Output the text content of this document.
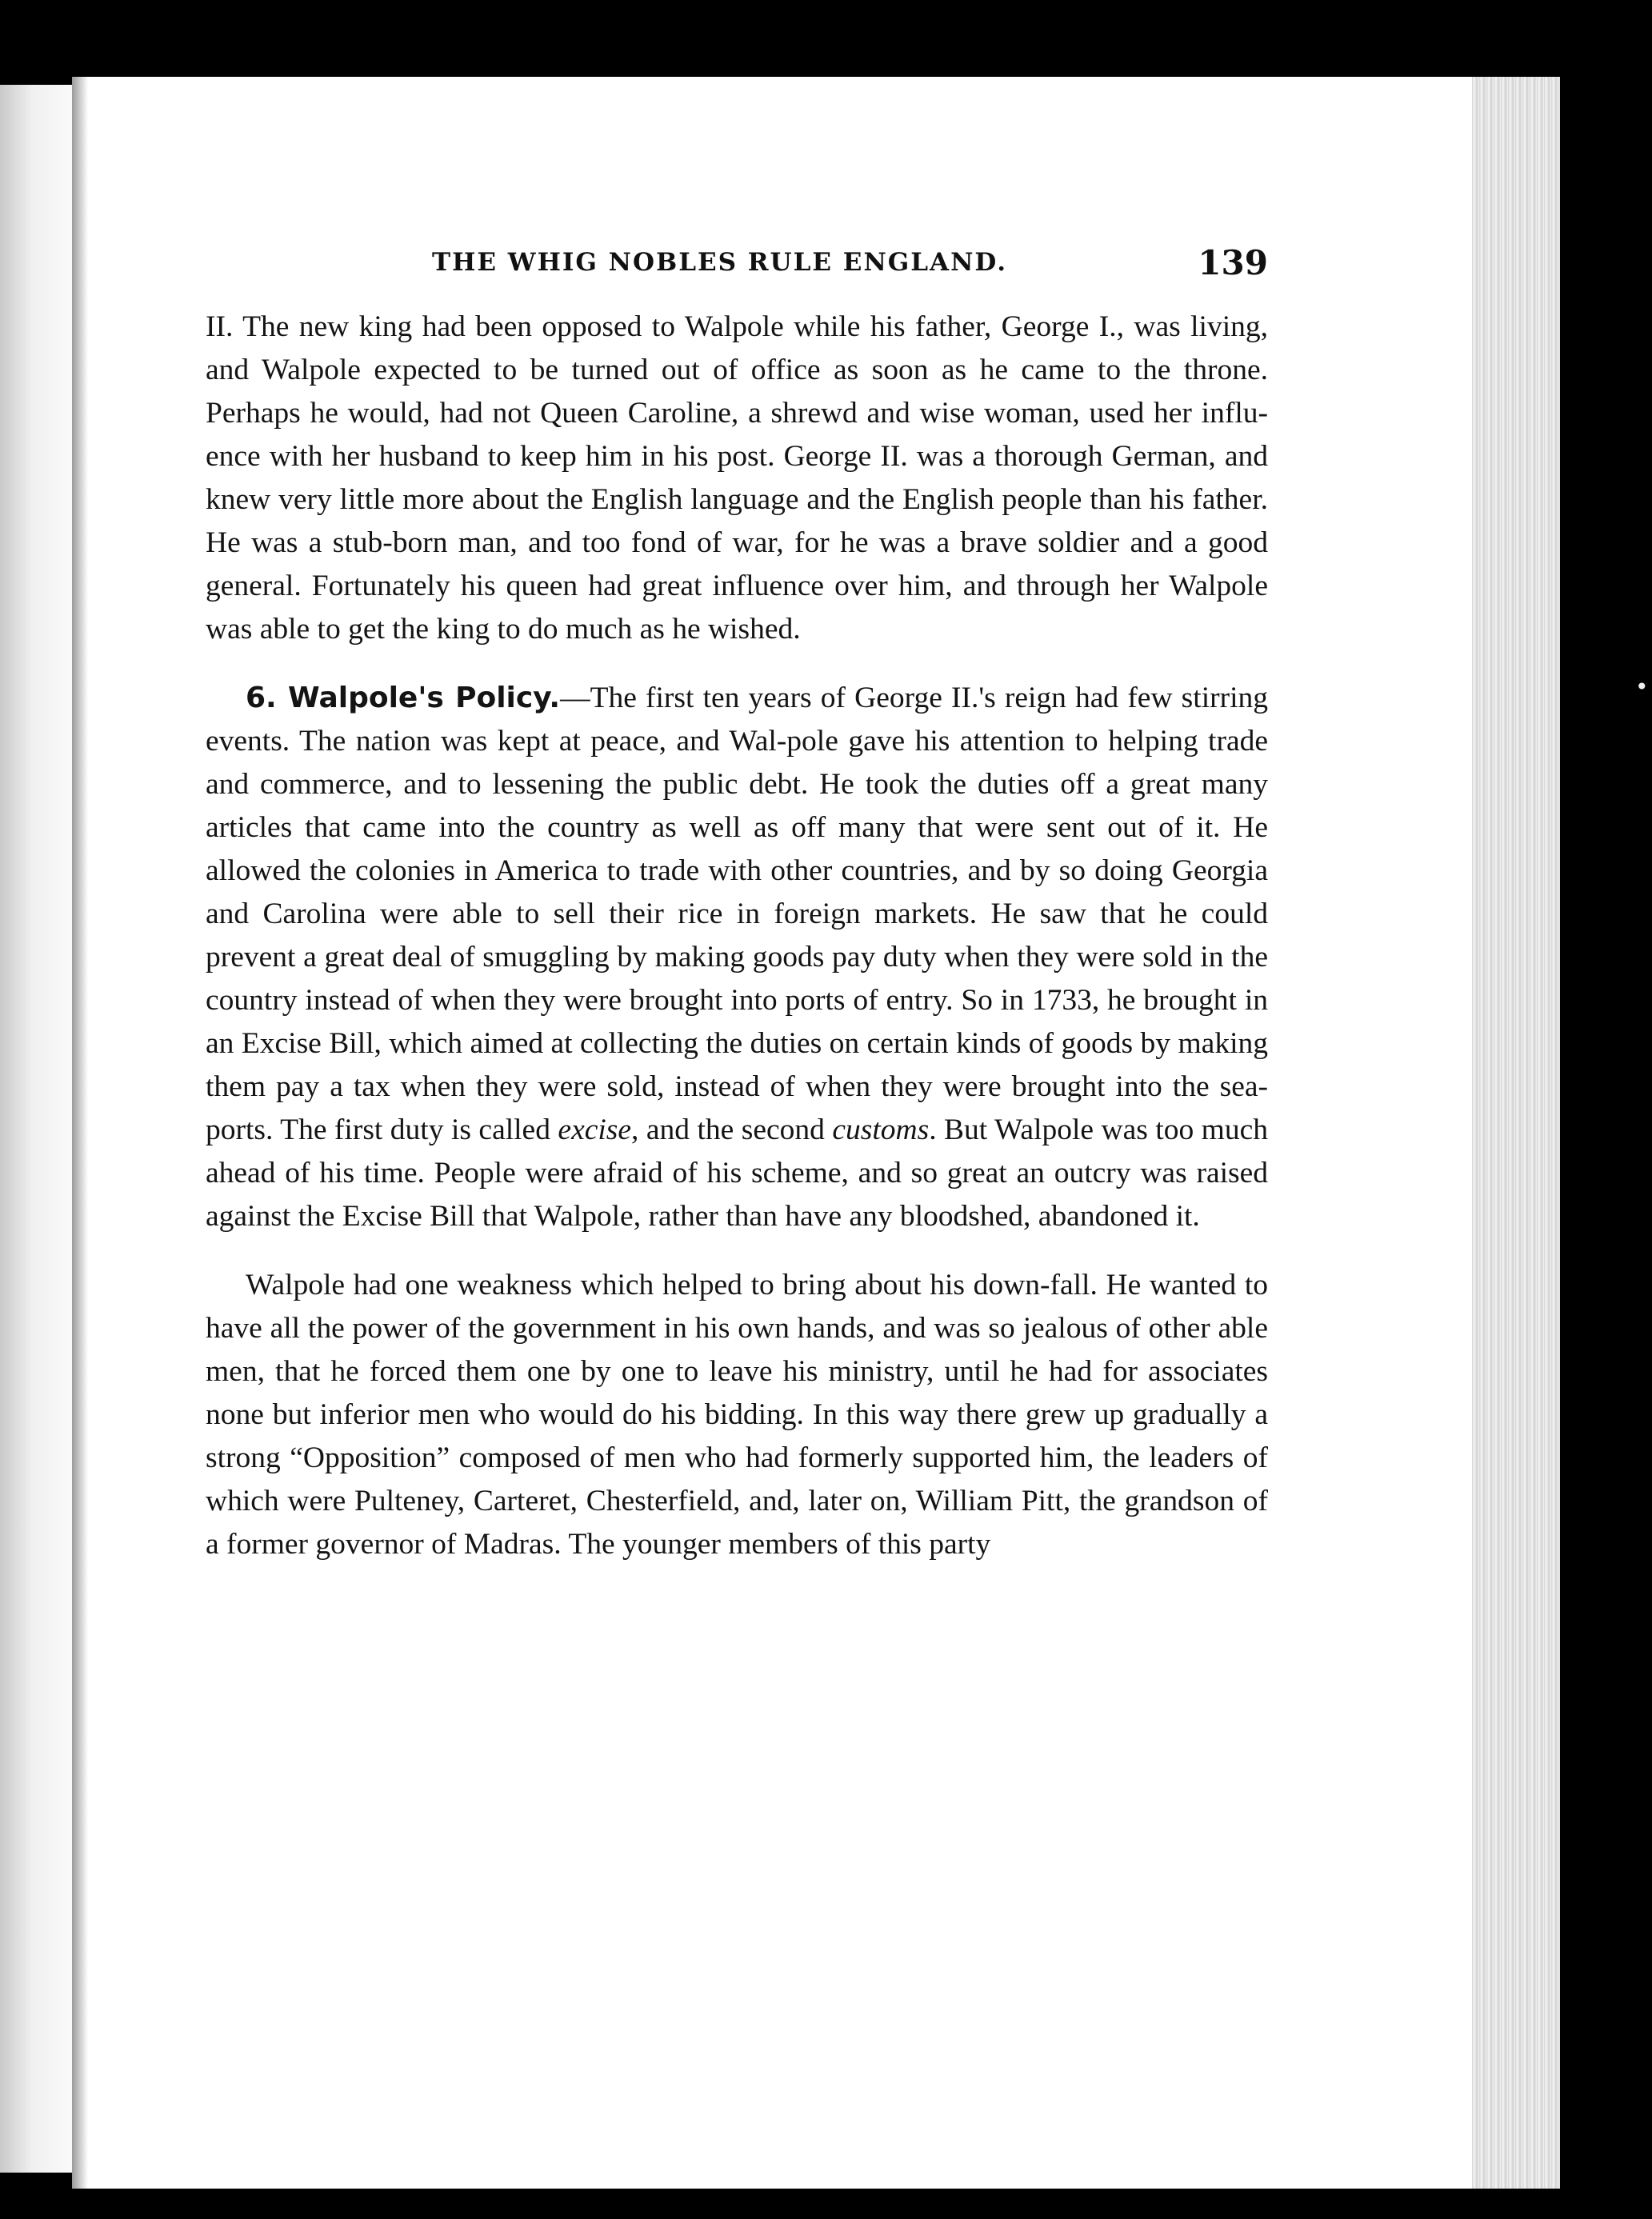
•
THE WHIG NOBLES RULE ENGLAND.	139

II. The new king had been opposed to Walpole while his father, George I., was living, and Walpole expected to be turned out of office as soon as he came to the throne. Perhaps he would, had not Queen Caroline, a shrewd and wise woman, used her influ-ence with her husband to keep him in his post. George II. was a thorough German, and knew very little more about the English language and the English people than his father. He was a stub-born man, and too fond of war, for he was a brave soldier and a good general. Fortunately his queen had great influence over him, and through her Walpole was able to get the king to do much as he wished.

6. Walpole's Policy.—The first ten years of George II.'s reign had few stirring events. The nation was kept at peace, and Wal-pole gave his attention to helping trade and commerce, and to lessening the public debt. He took the duties off a great many articles that came into the country as well as off many that were sent out of it. He allowed the colonies in America to trade with other countries, and by so doing Georgia and Carolina were able to sell their rice in foreign markets. He saw that he could prevent a great deal of smuggling by making goods pay duty when they were sold in the country instead of when they were brought into ports of entry. So in 1733, he brought in an Excise Bill, which aimed at collecting the duties on certain kinds of goods by making them pay a tax when they were sold, instead of when they were brought into the sea-ports. The first duty is called excise, and the second customs. But Walpole was too much ahead of his time. People were afraid of his scheme, and so great an outcry was raised against the Excise Bill that Walpole, rather than have any bloodshed, abandoned it.

Walpole had one weakness which helped to bring about his down-fall. He wanted to have all the power of the government in his own hands, and was so jealous of other able men, that he forced them one by one to leave his ministry, until he had for associates none but inferior men who would do his bidding. In this way there grew up gradually a strong “Opposition” composed of men who had formerly supported him, the leaders of which were Pulteney, Carteret, Chesterfield, and, later on, William Pitt, the grandson of a former governor of Madras. The younger members of this party
